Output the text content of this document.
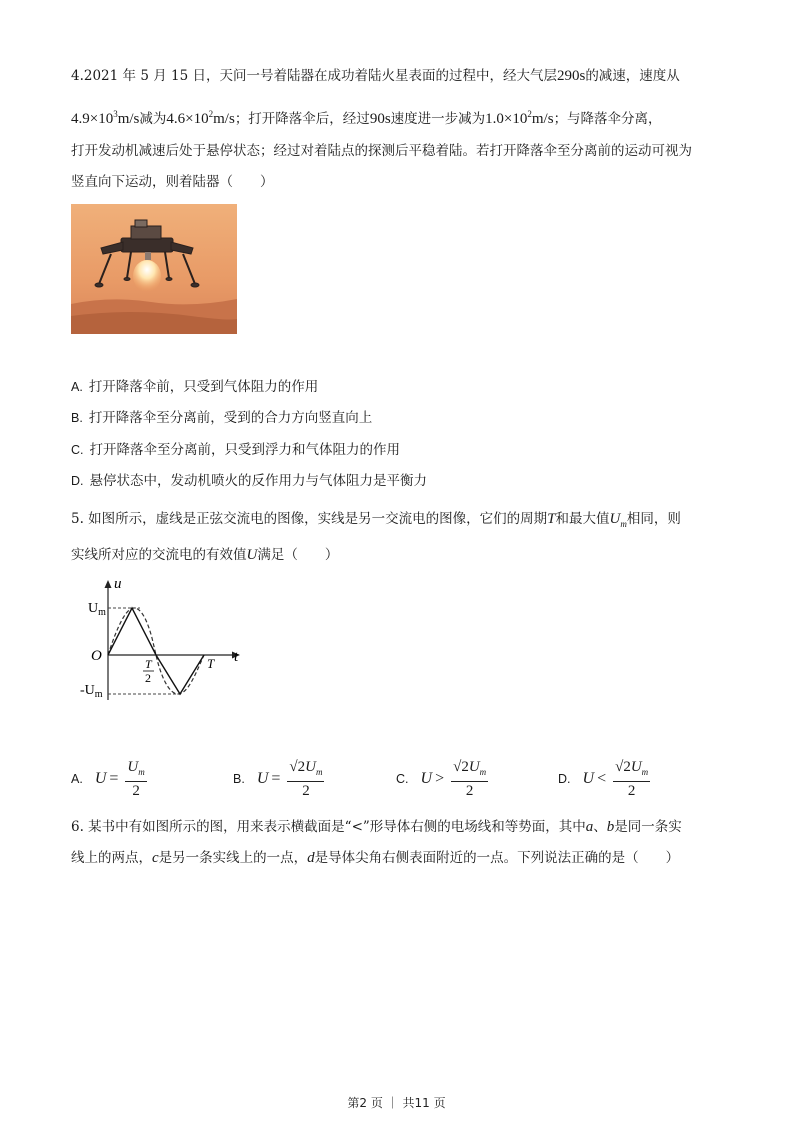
4.2021 年 5 月 15 日，天问一号着陆器在成功着陆火星表面的过程中，经大气层290s的减速，速度从
$4.9\times 10^3m/s$减为$4.6\times 10^2m/s$；打开降落伞后，经过90s速度进一步减为$1.0\times 10^2m/s$；与降落伞分离，
打开发动机减速后处于悬停状态；经过对着陆点的探测后平稳着陆。若打开降落伞至分离前的运动可视为
竖直向下运动，则着陆器（　　）
A. 打开降落伞前，只受到气体阻力的作用
B. 打开降落伞至分离前，受到的合力方向竖直向上
C. 打开降落伞至分离前，只受到浮力和气体阻力的作用
D. 悬停状态中，发动机喷火的反作用力与气体阻力是平衡力
5. 如图所示，虚线是正弦交流电的图像，实线是另一交流电的图像，它们的周期T和最大值$U_m$相同，则
实线所对应的交流电的有效值U满足（　　）
u
t
O
$U_m$
$-U_m$
T
2
T
A. $U = \frac{U_m}{2}$	B. $U = \frac{√2U_m}{2}$	C. $U > \frac{√2U_m}{2}$	D. $U < \frac{√2U_m}{2}$
6. 某书中有如图所示的图，用来表示横截面是“<”形导体右侧的电场线和等势面，其中a、b是同一条实
线上的两点，c是另一条实线上的一点，d是导体尖角右侧表面附近的一点。下列说法正确的是（　　）
第2 页 ｜ 共11 页
